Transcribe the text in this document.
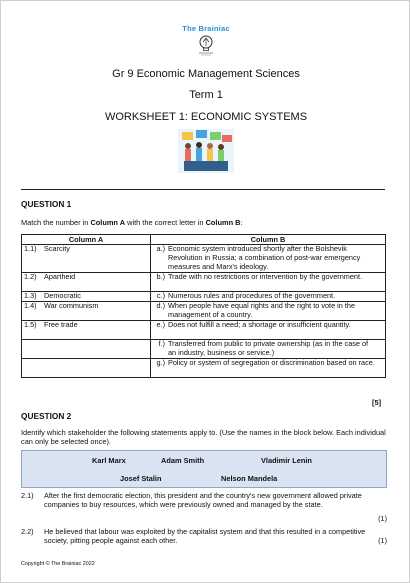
The Brainiac
Gr 9 Economic Management Sciences
Term 1
WORKSHEET 1: ECONOMIC SYSTEMS
QUESTION 1
Match the number in Column A with the correct letter in Column B:
Column A	Column B
1.1) Scarcity	a.) Economic system introduced shortly after the Bolshevik Revolution in Russia; a combination of post-war emergency measures and Marx's ideology.
1.2) Apartheid	b.) Trade with no restrictions or intervention by the government.
1.3) Democratic	c.) Numerous rules and procedures of the government.
1.4) War communism	d.) When people have equal rights and the right to vote in the management of a country.
1.5) Free trade	e.) Does not fulfill a need; a shortage or insufficient quantity.
	f.) Transferred from public to private ownership (as in the case of an industry, business or service.)
	g.) Policy or system of segregation or discrimination based on race.
[5]
QUESTION 2
Identify which stakeholder the following statements apply to. (Use the names in the block below. Each individual can only be selected once).
Karl Marx	Adam Smith	Vladimir Lenin
Josef Stalin	Nelson Mandela
2.1) After the first democratic election, this president and the country's new government allowed private companies to buy resources, which were previously owned and managed by the state.
(1)
2.2) He believed that labour was exploited by the capitalist system and that this resulted in a competitive society, pitting people against each other.	(1)
Copyright © The Brainiac 2022
